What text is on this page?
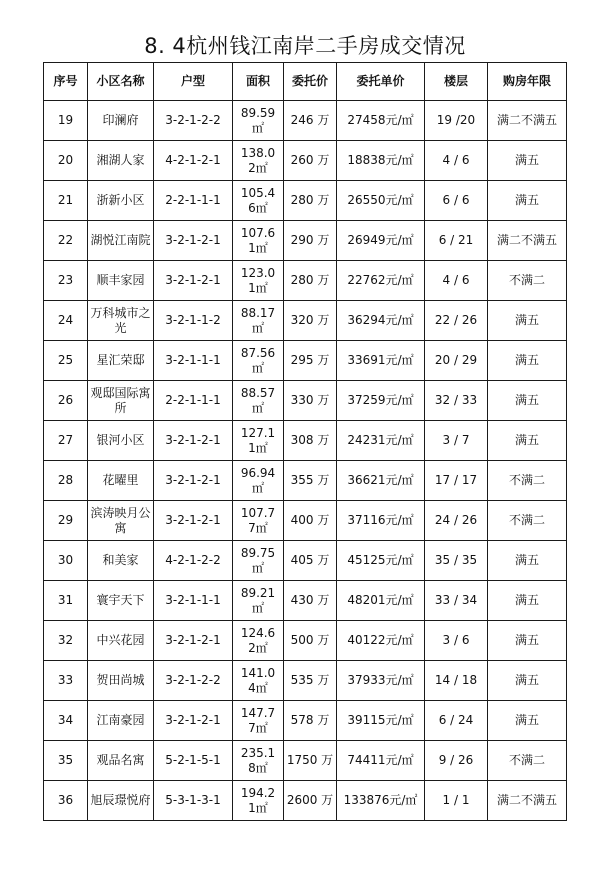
8. 4杭州钱江南岸二手房成交情况
序号	小区名称	户型	面积	委托价	委托单价	楼层	购房年限
19	印澜府	3-2-1-2-2	89.59㎡	246 万	27458元/㎡	19 /20	满二不满五
20	湘湖人家	4-2-1-2-1	138.02㎡	260 万	18838元/㎡	4 / 6	满五
21	浙新小区	2-2-1-1-1	105.46㎡	280 万	26550元/㎡	6 / 6	满五
22	湖悦江南院	3-2-1-2-1	107.61㎡	290 万	26949元/㎡	6 / 21	满二不满五
23	顺丰家园	3-2-1-2-1	123.01㎡	280 万	22762元/㎡	4 / 6	不满二
24	万科城市之光	3-2-1-1-2	88.17㎡	320 万	36294元/㎡	22 / 26	满五
25	星汇荣邸	3-2-1-1-1	87.56㎡	295 万	33691元/㎡	20 / 29	满五
26	观邸国际寓所	2-2-1-1-1	88.57㎡	330 万	37259元/㎡	32 / 33	满五
27	银河小区	3-2-1-2-1	127.11㎡	308 万	24231元/㎡	3 / 7	满五
28	花曜里	3-2-1-2-1	96.94㎡	355 万	36621元/㎡	17 / 17	不满二
29	滨涛映月公寓	3-2-1-2-1	107.77㎡	400 万	37116元/㎡	24 / 26	不满二
30	和美家	4-2-1-2-2	89.75㎡	405 万	45125元/㎡	35 / 35	满五
31	寰宇天下	3-2-1-1-1	89.21㎡	430 万	48201元/㎡	33 / 34	满五
32	中兴花园	3-2-1-2-1	124.62㎡	500 万	40122元/㎡	3 / 6	满五
33	贺田尚城	3-2-1-2-2	141.04㎡	535 万	37933元/㎡	14 / 18	满五
34	江南豪园	3-2-1-2-1	147.77㎡	578 万	39115元/㎡	6 / 24	满五
35	观品名寓	5-2-1-5-1	235.18㎡	1750 万	74411元/㎡	9 / 26	不满二
36	旭辰璟悦府	5-3-1-3-1	194.21㎡	2600 万	133876元/㎡	1 / 1	满二不满五
